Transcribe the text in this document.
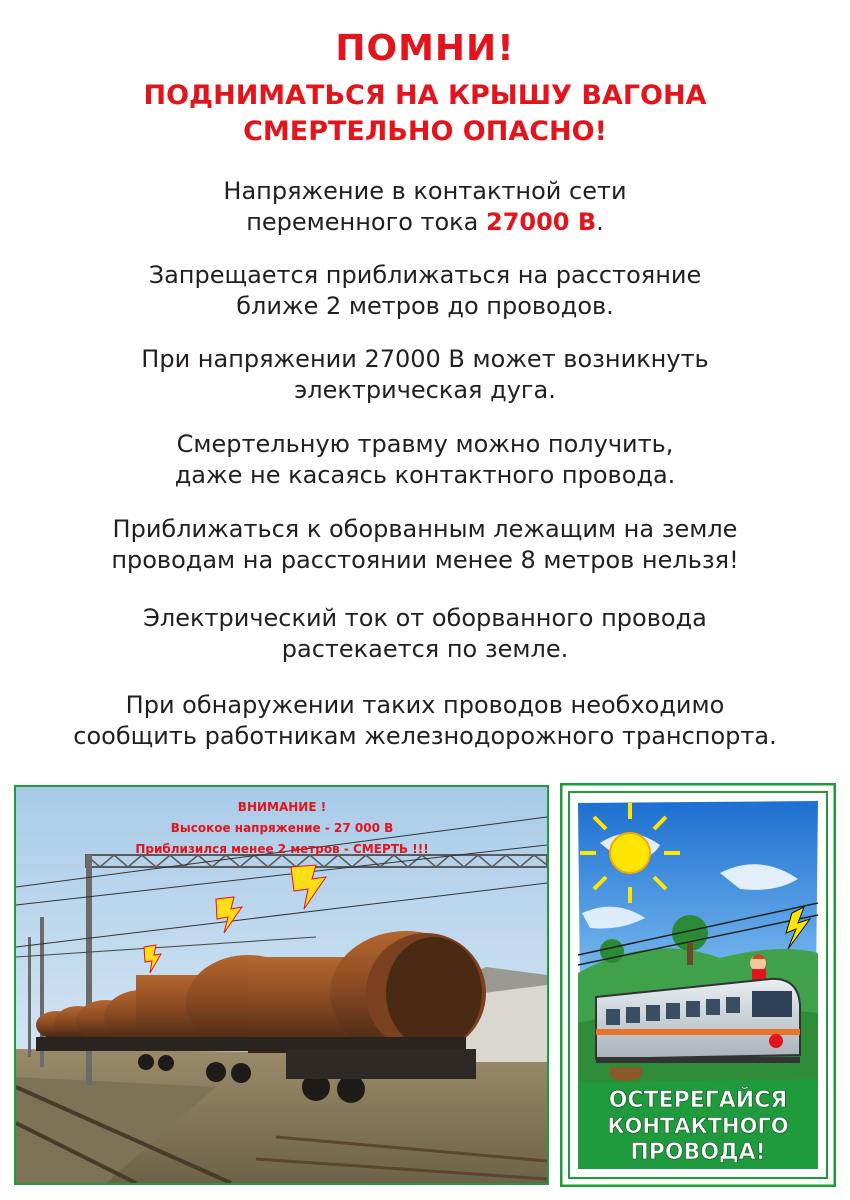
ПОМНИ!
ПОДНИМАТЬСЯ НА КРЫШУ ВАГОНА
СМЕРТЕЛЬНО ОПАСНО!
Напряжение в контактной сети
переменного тока 27000 В.
Запрещается приближаться на расстояние
ближе 2 метров до проводов.
При напряжении 27000 В может возникнуть
электрическая дуга.
Смертельную травму можно получить,
даже не касаясь контактного провода.
Приближаться к оборванным лежащим на земле
проводам на расстоянии менее 8 метров нельзя!
Электрический ток от оборванного провода
растекается по земле.
При обнаружении таких проводов необходимо
сообщить работникам железнодорожного транспорта.
ВНИМАНИЕ !
Высокое напряжение - 27 000 В
Приблизился менее 2 метров - СМЕРТЬ !!!
ОСТЕРЕГАЙСЯ
КОНТАКТНОГО
ПРОВОДА!
